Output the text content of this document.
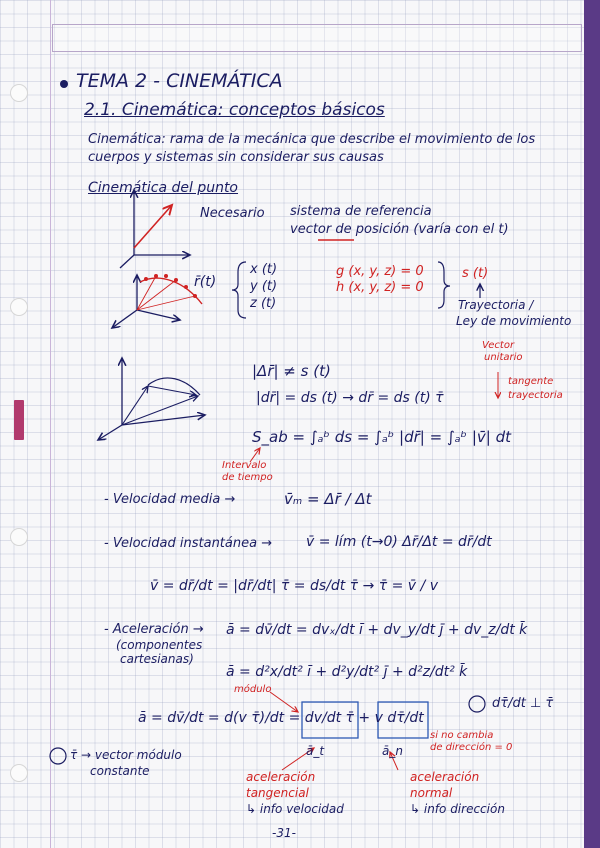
TEMA 2 - CINEMÁTICA
2.1. Cinemática: conceptos básicos
Cinemática: rama de la mecánica que describe el movimiento de los
cuerpos y sistemas sin considerar sus causas
Cinemática del punto
Necesario sistema de referencia
vector de posición (varía con el t)
r̄(t)
x (t)
y (t)
z (t)
g (x, y, z) = 0
h (x, y, z) = 0
s (t)
Trayectoria /
Ley de movimiento
Vector
unitario
tangente
trayectoria
|Δr̄| ≠ s (t)
|dr̄| = ds (t) → dr̄ = ds (t) τ̄
S_ab = ∫ₐᵇ ds = ∫ₐᵇ |dr̄| = ∫ₐᵇ |v̄| dt
Intervalo
de tiempo
- Velocidad media →	v̄ₘ = Δr̄ / Δt
- Velocidad instantánea → v̄ = lím (t→0) Δr̄/Δt = dr̄/dt
v̄ = dr̄/dt = |dr̄/dt| τ̄ = ds/dt τ̄ → τ̄ = v̄ / v
- Aceleración →
(componentes
cartesianas)
ā = dv̄/dt = dvₓ/dt ī + dv_y/dt j̄ + dv_z/dt k̄
ā = d²x/dt² ī + d²y/dt² j̄ + d²z/dt² k̄
módulo
ā = dv̄/dt = d(v τ̄)/dt = dv/dt τ̄ + v dτ̄/dt
dτ̄/dt ⊥ τ̄
τ̄ → vector módulo
constante
si no cambia
de dirección = 0
ā_t	ā_n
aceleración
tangencial
↳ info velocidad
aceleración
normal
↳ info dirección
-31-
